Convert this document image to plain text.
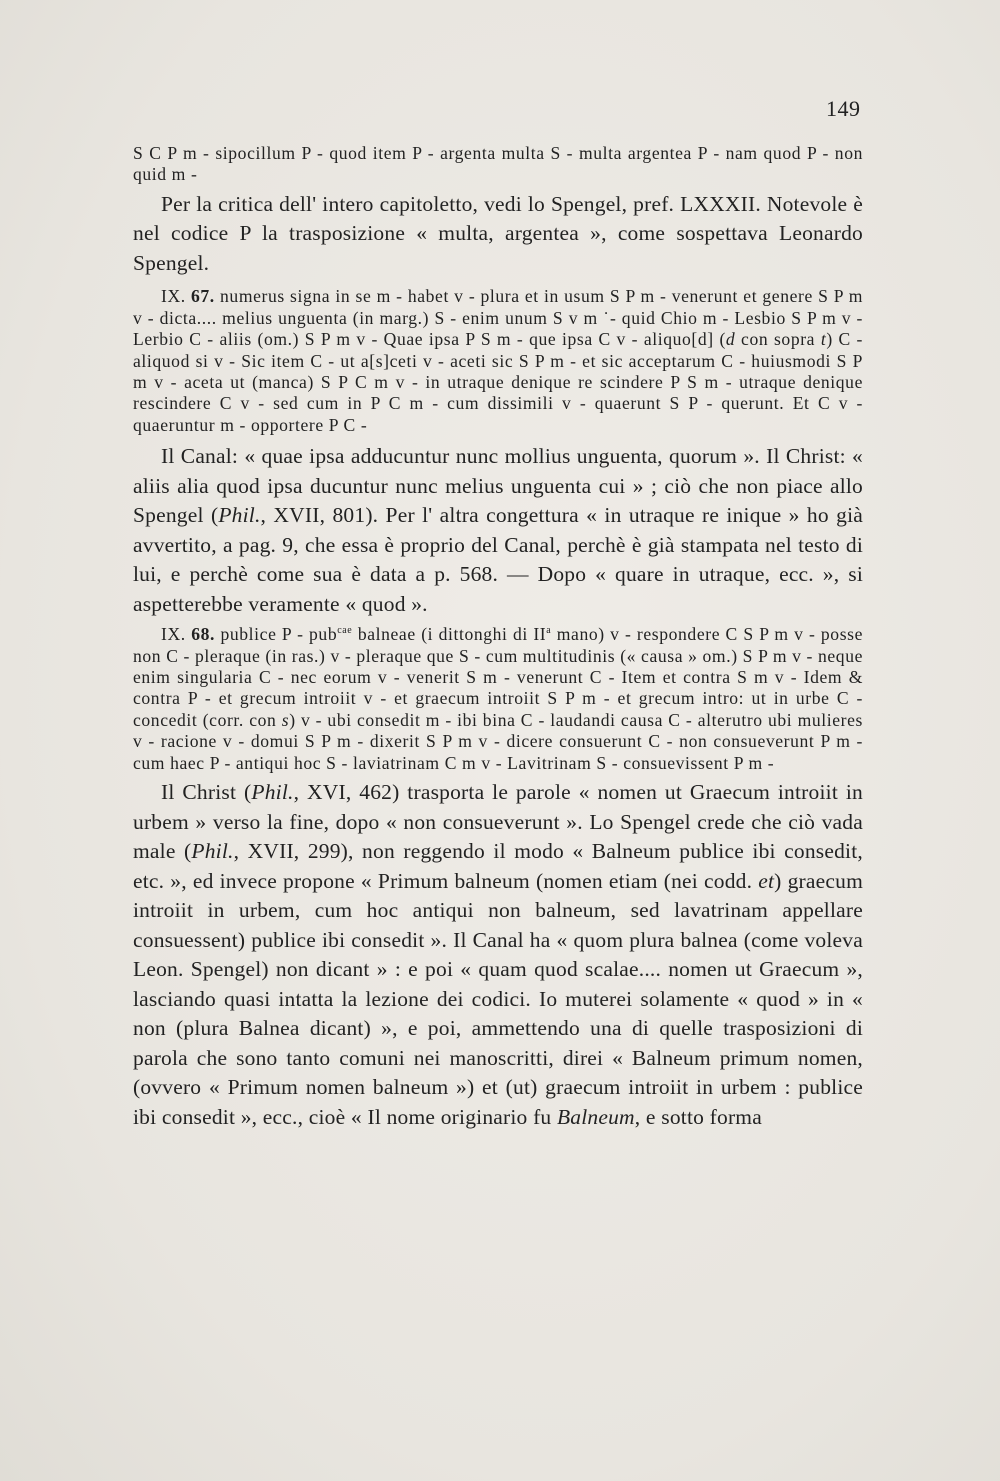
149

S C P m - sipocillum P - quod item P - argenta multa S - multa argentea P - nam quod P - non quid m -

Per la critica dell' intero capitoletto, vedi lo Spengel, pref. LXXXII. Notevole è nel codice P la trasposizione « multa, argentea », come sospettava Leonardo Spengel.

IX. 67. numerus signa in se m - habet v - plura et in usum S P m - venerunt et genere S P m v - dicta.... melius unguenta (in marg.) S - enim unum S v m ˙- quid Chio m - Lesbio S P m v - Lerbio C - aliis (om.) S P m v - Quae ipsa P S m - que ipsa C v - aliquo[d] (d con sopra t) C - aliquod si v - Sic item C - ut a[s]ceti v - aceti sic S P m - et sic acceptarum C - huiusmodi S P m v - aceta ut (manca) S P C m v - in utraque denique re scindere P S m - utraque denique rescindere C v - sed cum in P C m - cum dissimili v - quaerunt S P - querunt. Et C v - quaeruntur m - opportere P C -

Il Canal: « quae ipsa adducuntur nunc mollius unguenta, quorum ». Il Christ: « aliis alia quod ipsa ducuntur nunc melius unguenta cui » ; ciò che non piace allo Spengel (Phil., XVII, 801). Per l' altra congettura « in utraque re inique » ho già avvertito, a pag. 9, che essa è proprio del Canal, perchè è già stampata nel testo di lui, e perchè come sua è data a p. 568. — Dopo « quare in utraque, ecc. », si aspetterebbe veramente « quod ».

IX. 68. publice P - pub$^{cae}$ balneae (i dittonghi di $II^a$ mano) v - respondere C S P m v - posse non C - pleraque (in ras.) v - pleraque que S - cum multitudinis (« causa » om.) S P m v - neque enim singularia C - nec eorum v - venerit S m - venerunt C - Item et contra S m v - Idem & contra P - et grecum introiit v - et graecum introiit S P m - et grecum intro: ut in urbe C - concedit (corr. con s) v - ubi consedit m - ibi bina C - laudandi causa C - alterutro ubi mulieres v - racione v - domui S P m - dixerit S P m v - dicere consuerunt C - non consueverunt P m - cum haec P - antiqui hoc S - laviatrinam C m v - Lavitrinam S - consuevissent P m -

Il Christ (Phil., XVI, 462) trasporta le parole « nomen ut Graecum introiit in urbem » verso la fine, dopo « non consueverunt ». Lo Spengel crede che ciò vada male (Phil., XVII, 299), non reggendo il modo « Balneum publice ibi consedit, etc. », ed invece propone « Primum balneum (nomen etiam (nei codd. et) graecum introiit in urbem, cum hoc antiqui non balneum, sed lavatrinam appellare consuessent) publice ibi consedit ». Il Canal ha « quom plura balnea (come voleva Leon. Spengel) non dicant » : e poi « quam quod scalae.... nomen ut Graecum », lasciando quasi intatta la lezione dei codici. Io muterei solamente « quod » in « non (plura Balnea dicant) », e poi, ammettendo una di quelle trasposizioni di parola che sono tanto comuni nei manoscritti, direi « Balneum primum nomen, (ovvero « Primum nomen balneum ») et (ut) graecum introiit in urbem : publice ibi consedit », ecc., cioè « Il nome originario fu Balneum, e sotto forma
